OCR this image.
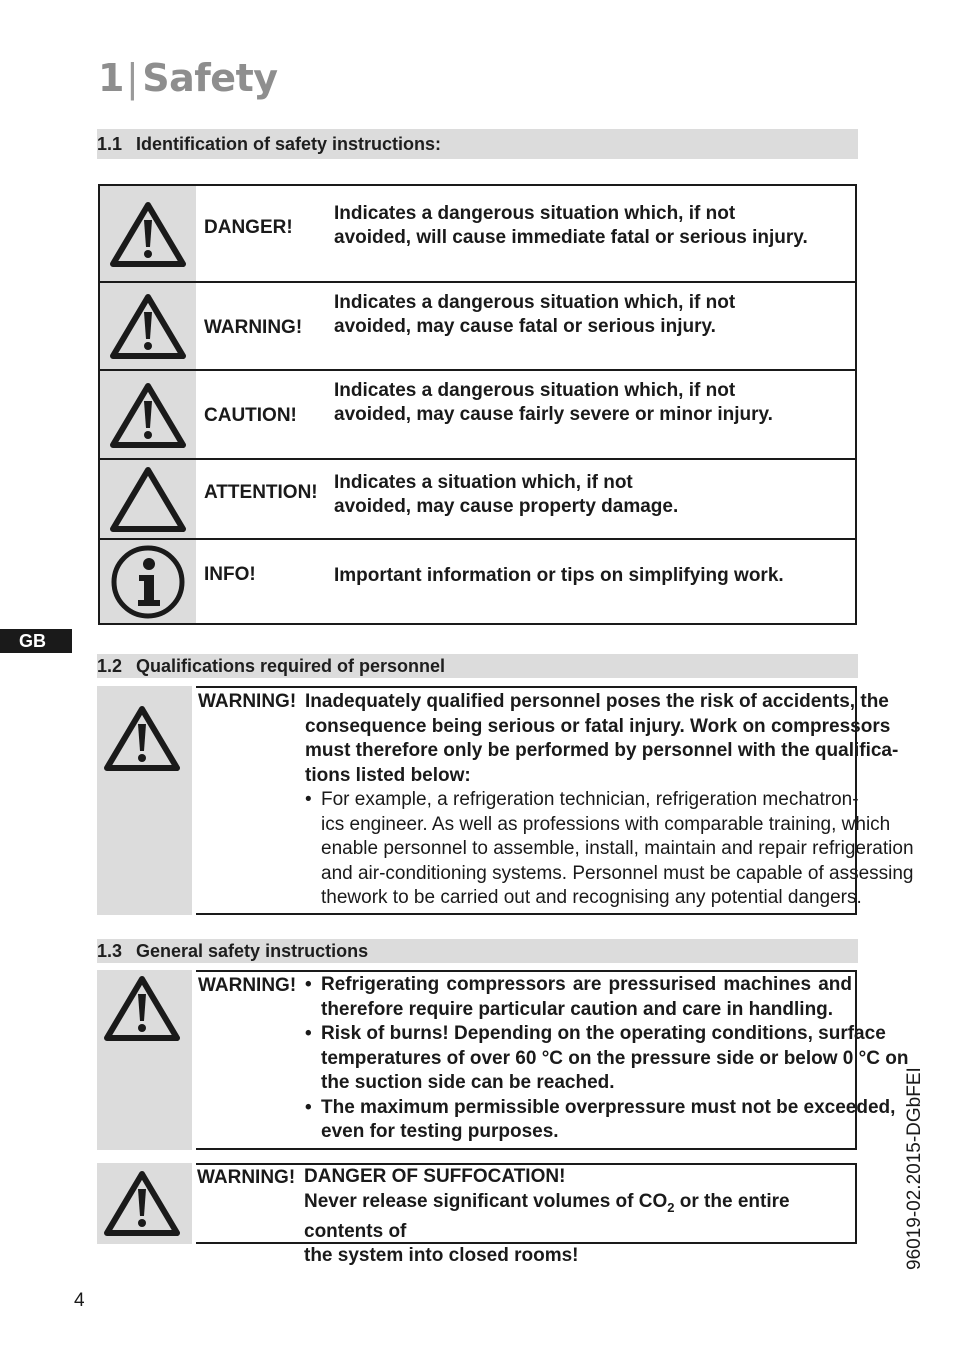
1| Safety
1.1 Identification of safety instructions:
DANGER!
Indicates a dangerous situation which, if not
avoided, will cause immediate fatal or serious injury.
WARNING!
Indicates a dangerous situation which, if not
avoided, may cause fatal or serious injury.
CAUTION!
Indicates a dangerous situation which, if not
avoided, may cause fairly severe or minor injury.
ATTENTION! Indicates a situation which, if not
avoided, may cause property damage.
INFO!	Important information or tips on simplifying work.
GB
1.2 Qualifications required of personnel
WARNING! Inadequately qualified personnel poses the risk of accidents, the
consequence being serious or fatal injury. Work on compressors
must therefore only be performed by personnel with the qualifica-
tions listed below:
• For example, a refrigeration technician, refrigeration mechatron-
ics engineer. As well as professions with comparable training, which
enable personnel to assemble, install, maintain and repair refrigeration
and air-conditioning systems. Personnel must be capable of assessing
thework to be carried out and recognising any potential dangers.
1.3 General safety instructions
WARNING! • Refrigerating compressors are pressurised machines and
therefore require particular caution and care in handling.
• Risk of burns! Depending on the operating conditions, surface
temperatures of over 60 °C on the pressure side or below 0 °C on
the suction side can be reached.
• The maximum permissible overpressure must not be exceeded,
even for testing purposes.
WARNING! DANGER OF SUFFOCATION!
Never release significant volumes of $CO_2$ or the entire contents of
the system into closed rooms!
4
96019-02.2015-DGbFEI
